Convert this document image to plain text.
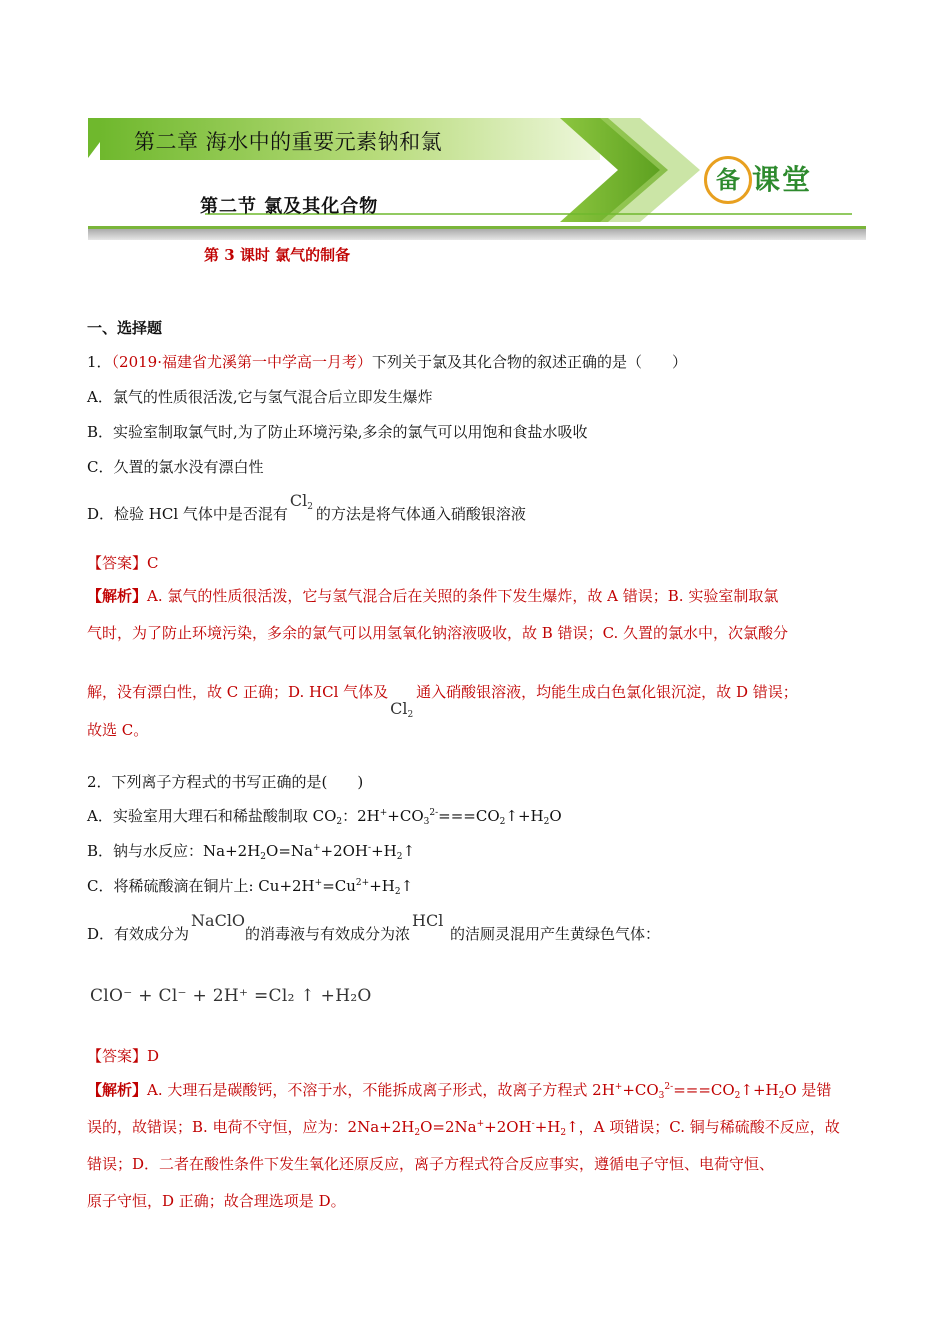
第二章 海水中的重要元素钠和氯
第二节 氯及其化合物
第 3 课时 氯气的制备
备 课堂
一、选择题
1．（2019·福建省尤溪第一中学高一月考）下列关于氯及其化合物的叙述正确的是（　　）
A．氯气的性质很活泼,它与氢气混合后立即发生爆炸
B．实验室制取氯气时,为了防止环境污染,多余的氯气可以用饱和食盐水吸收
C．久置的氯水没有漂白性
D．检验 HCl 气体中是否混有
$Cl_2$ 的方法是将气体通入硝酸银溶液
【答案】C
【解析】A. 氯气的性质很活泼，它与氢气混合后在关照的条件下发生爆炸，故 A 错误；B. 实验室制取氯
气时，为了防止环境污染，多余的氯气可以用氢氧化钠溶液吸收，故 B 错误；C. 久置的氯水中，次氯酸分
解，没有漂白性，故 C 正确；D. HCl 气体及
$Cl_2$
通入硝酸银溶液，均能生成白色氯化银沉淀，故 D 错误；
故选 C。
2．下列离子方程式的书写正确的是(　　)
A．实验室用大理石和稀盐酸制取 $CO_2$：$2H^++CO_3^{2-}===CO_2↑+H_2O$
B．钠与水反应：$Na+2H_2O=Na^++2OH^-+H_2↑$
C．将稀硫酸滴在铜片上: $Cu+2H^+=Cu^{2+}+H_2↑$
D．有效成分为
NaClO
的消毒液与有效成分为浓
HCl
的洁厕灵混用产生黄绿色气体：
ClO⁻ + Cl⁻ + 2H⁺ =Cl₂ ↑ +H₂O
【答案】D
【解析】A. 大理石是碳酸钙，不溶于水，不能拆成离子形式，故离子方程式 $2H^++CO_3^{2-}===CO_2↑+H_2O$ 是错
误的，故错误；B. 电荷不守恒，应为：$2Na+2H_2O=2Na^++2OH^-+H_2↑$，A 项错误；C. 铜与稀硫酸不反应，故
错误；D．二者在酸性条件下发生氧化还原反应，离子方程式符合反应事实，遵循电子守恒、电荷守恒、
原子守恒，D 正确；故合理选项是 D。
